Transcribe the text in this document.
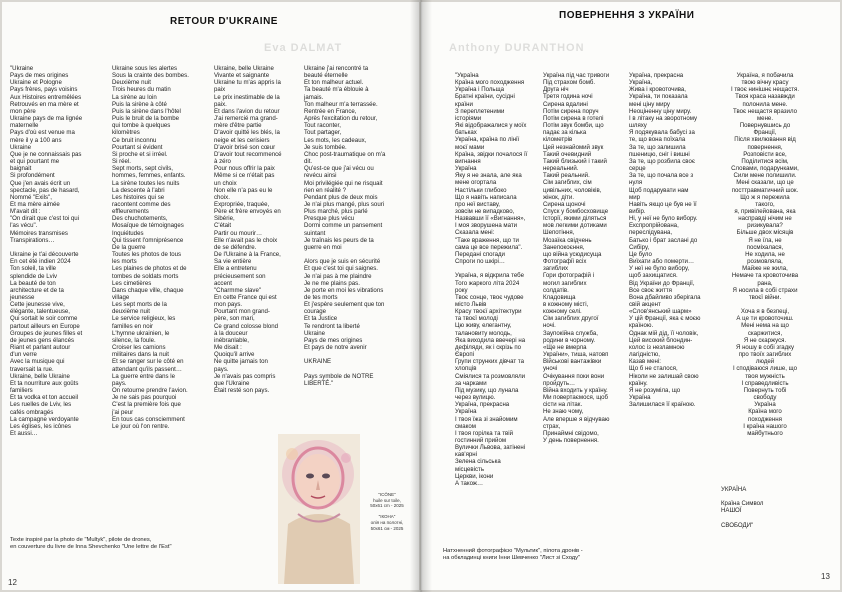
Eva DALMAT
RETOUR D'UKRAINE
"Ukraine
Pays de mes origines
Ukraine et Pologne
Pays frères, pays voisins
Aux Histoires entremêlées
Retrouvés en ma mère et
mon père
Ukraine pays de ma lignée
maternelle
Pays d'où est venue ma
mère il y a 100 ans
Ukraine
Que je ne connaissais pas
et qui pourtant me
baignait
Si profondément
Que j'en avais écrit un
spectacle, pas de hasard,
Nommé "Exils",
Et ma mère aimée
M'avait dit :
"On dirait que c'est toi qui
l'as vécu".
Mémoires transmises
Transpirations…

Ukraine je t'ai découverte
En cet été indien 2024
Ton soleil, ta ville
splendide de Lviv
La beauté de ton
architecture et de ta
jeunesse
Cette jeunesse vive,
élégante, talentueuse,
Qui sortait le soir comme
partout ailleurs en Europe
Groupes de jeunes filles et
de jeunes gens élancés
Riant et parlant autour
d'un verre
Avec la musique qui
traversait la rue.
Ukraine, belle Ukraine
Et ta nourriture aux goûts
familiers
Et ta vodka et ton accueil
Les ruelles de Lviv, les
cafés ombragés
La campagne verdoyante
Les églises, les icônes
Et aussi…
Ukraine sous les alertes
Sous la crainte des bombes.
Deuxième nuit
Trois heures du matin
La sirène au loin
Puis la sirène à côté
Puis la sirène dans l'hôtel
Puis le bruit de la bombe
qui tombe à quelques
kilomètres
Ce bruit inconnu
Pourtant si évident
Si proche et si irréel.
Si réel.
Sept morts, sept civils,
hommes, femmes, enfants.
La sirène toutes les nuits
La descente à l'abri
Les histoires qui se
racontent comme des
effleurements
Des chuchotements,
Mosaïque de témoignages
Inquiétudes
Qui tissent l'omniprésence
De la guerre
Toutes les photos de tous
les morts
Les plaines de photos et de
tombes de soldats morts
Les cimetières
Dans chaque ville, chaque
village
Les sept morts de la
deuxième nuit
Le service religieux, les
familles en noir
L'hymne ukrainien, le
silence, la foule.
Croiser les camions
militaires dans la nuit
Et se ranger sur le côté en
attendant qu'ils passent…
La guerre entre dans le
pays.
On retourne prendre l'avion.
Je ne sais pas pourquoi
C'est la première fois que
j'ai peur
En tous cas consciemment
Le jour où l'on rentre.
Ukraine, belle Ukraine
Vivante et saignante
Ukraine tu m'as appris la
paix
Le prix inestimable de la
paix.
Et dans l'avion du retour
J'ai remercié ma grand-
mère d'être partie
D'avoir quitté les blés, la
neige et les cerisiers
D'avoir brisé son cœur
D'avoir tout recommencé
à zéro
Pour nous offrir la paix
Même si ce n'était pas
un choix
Non elle n'a pas eu le
choix.
Expropriée, traquée,
Père et frère envoyés en
Sibérie,
C'était
Partir ou mourir…
Elle n'avait pas le choix
de se défendre.
De l'Ukraine à la France,
Sa vie entière
Elle a entretenu
précieusement son
accent
"Charmme slave"
En cette France qui est
mon pays.
Pourtant mon grand-
père, son mari,
Ce grand colosse blond
à la douceur
inébranlable,
Me disait :
Quoiqu'il arrive
Ne quitte jamais ton
pays.
Je n'avais pas compris
que l'Ukraine
Était resté son pays.
Ukraine j'ai rencontré ta
beauté éternelle
Et ton malheur actuel.
Ta beauté m'a éblouie à
jamais.
Ton malheur m'a terrassée.
Rentrée en France,
Après l'excitation du retour,
Tout raconter,
Tout partager,
Les mots, les cadeaux,
Je suis tombée.
Choc post-traumatique on m'a
dit.
Qu'est-ce que j'ai vécu ou
revécu ainsi
Moi privilégiée qui ne risquait
rien en réalité ?
Pendant plus de deux mois
Je n'ai plus mangé, plus souri
Plus marché, plus parlé
Presque plus vécu
Dormi comme un pansement
suintant
Je traînais les peurs de ta
guerre en moi

Alors que je suis en sécurité
Et que c'est toi qui saignes.
Je n'ai pas à me plaindre
Je ne me plains pas.
Je porte en moi les vibrations
de tes morts
Et j'espère seulement que ton
courage
Et ta Justice
Te rendront ta liberté
Ukraine
Pays de mes origines
Et pays de notre avenir

UKRAINE

Pays symbole de NOTRE
LIBERTÉ."
"ICÔNE"
huile sur toile,
50x61 cm - 2025

"ІКОНА"
олія на полотні,
50x61 см - 2025
Texte inspiré par la photo de "Multyk", pilote de drones,
en couverture du livre de Inna Shevchenko "Une lettre de l'Est"
12
Anthony DURANTHON
ПОВЕРНЕННЯ З УКРАЇНИ
"Україна
Країна мого походження
Україна і Польща
Братні країни, сусідні
країни
З переплетеними
історіями
Які відображалися у моїх
батьках
Україна, країна по лінії
моєї мами
Країна, звідки почалося її
вигнання
Україна
Яку я не знала, але яка
мене огортала
Настільки глибоко
Що я навіть написала
про неї виставу,
зовсім не випадково,
Назвавши її «Вигнання»,
І моя зворушена мати
Сказала мені:
"Таке враження, що ти
сама це все пережила".
Передані спогади
Спроги по шкірі…

Україна, я відкрила тебе
Того жаркого літа 2024
року
Твоє сонце, твоє чудове
місто Львів
Красу твоєї архітектури
та твоєї молоді
Цю живу, елегантну,
талановиту молодь,
Яка виходила ввечері на
дефіляди, як і скрізь по
Європі
Групи струнких дівчат та
хлопців
Сміялися та розмовляли
за чарками
Під музику, що лунала
через вулицю.
Україна, прекрасна
Україна
І твоя їжа зі знайомим
смаком
І твоя горілка та твій
гостинний прийом
Вулички Львова, затінені
кав'ярні
Зелена сільська
місцевість
Церкви, ікони
А також…
Україна під час тривоги
Під страхом бомб.
Друга ніч
Третя година ночі
Сирена вдалині
Потім сирена поруч
Потім сирена в готелі
Потім звук бомби, що
падає за кілька
кілометрів
Цей незнайомий звук
Такий очевидний
Такий близький і такий
нереальний.
Такий реальний.
Сім загиблих, сім
цивільних, чоловіків,
жінок, діти.
Сирена щоночі
Спуск у бомбосховище
Історії, якими діляться
мов легкими дотиками
Шепотіння,
Мозаїка свідчень
Занепокоєння,
що війна усюдисуща
Фотографії всіх
загиблих
Гори фотографій і
могил загиблих
солдатів.
Кладовища
в кожному місті,
кожному селі.
Сім загиблих другої
ночі.
Заупокійна служба,
родини в чорному.
«Ще не вмерла
України», тиша, натовп
Військові вантажівки
уночі
Очікування поки вони
пройдуть…
Війна входить у країну.
Ми повертаємося, щоб
сісти на літак.
Не знаю чому,
Але вперше я відчуваю
страх,
Принаймні свідомо,
У день повернення.
Україна, прекрасна
Україна,
Жива і кровоточива,
Україна, ти показала
мені ціну миру
Неоціненну ціну миру.
І в літаку на зворотному
шляху
Я подякувала бабусі за
те, що вона поїхала
За те, що залишила
пшеницю, сніг і вишні
За те, що розбила своє
серце
За те, що почала все з
нуля
Щоб подарувати нам
мир
Навіть якщо це був не її
вибір.
Ні, у неї не було вибору.
Експропрійована,
переслідувана,
Батько і брат заслані до
Сибіру,
Це було
Виїхати або померти…
У неї не було вибору,
щоб захищатися.
Від України до Франції,
Все своє життя
Вона дбайливо зберігала
свій акцент
«Слов'янський шарм»
У цій Франції, яка є моєю
країною.
Однак мій дід, її чоловік,
Цей високий блондин-
колос із незламною
лагідністю,
Казав мені:
Що б не сталося,
Ніколи не залишай свою
країну.
Я не розуміла, що
Україна
Залишилася її країною.
Україна, я побачила
твою вічну красу
І твоє нинішнє нещастя.
Твоя краса назавжди
полонила мене.
Твоє нещастя вразило
мене.
Повернувшись до
Франції,
Після хвилювання від
повернення,
Розповісти все,
Поділитися всім,
Словами, подарунками,
Сили мене полишили.
Мені сказали, що це
посттравматичний шок.
Що ж я пережила
такого,
я, привілейована, яка
насправді нічим не
ризикувала?
Більше двох місяців
Я не їла, не
посміхалася,
Не ходила, не
розмовляла,
Майже не жила,
Немаче та кровоточива
рана,
Я носила в собі страхи
твоєї війни.

Хоча я в безпеці,
А це ти кровоточиш.
Мені нема на що
скаржитися,
Я не скаржуся.
Я ношу в собі згадку
про твоїх загиблих
людей
І сподіваюся лише, що
твоя мужність
І справедливість
Повернуть тобі
свободу
Україна
Країна мого
походження
І країна нашого
майбутнього
УКРАЇНА

Країна Символ
НАШОЇ

СВОБОДИ"
Натхненний фотографією "Мультик", пілота дронів -
на обкладинці книги Інни Шевченко "Лист зі Сходу"
13
